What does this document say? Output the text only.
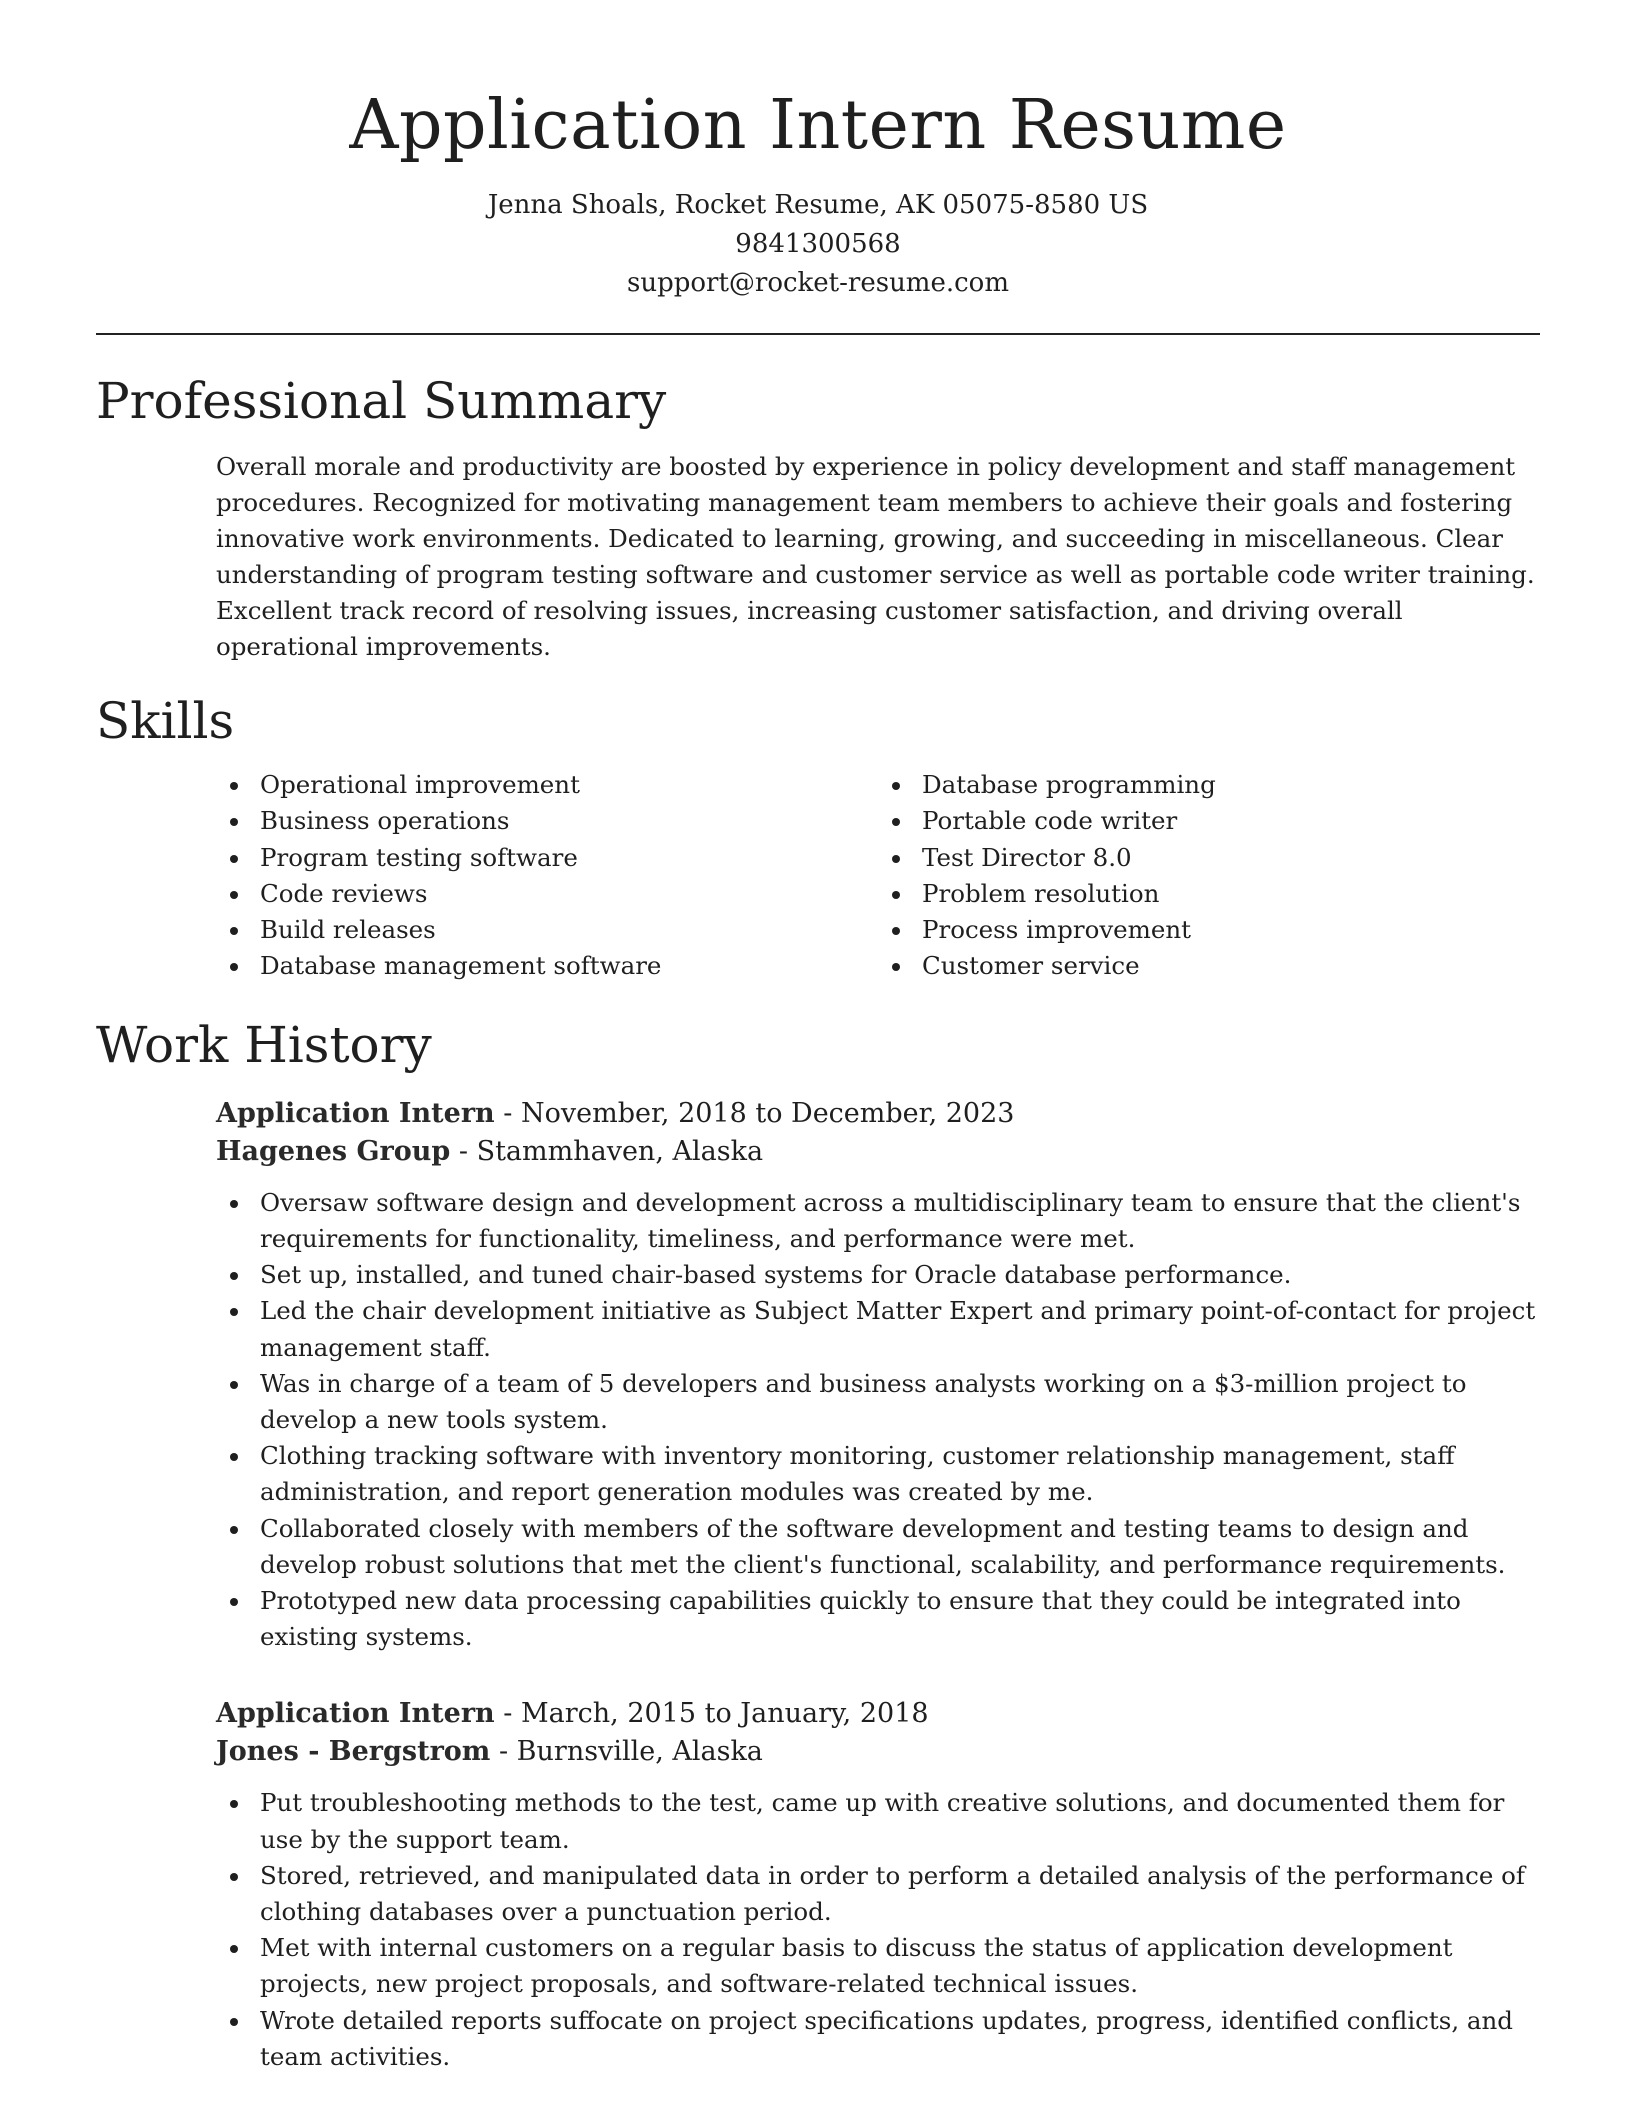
Application Intern Resume

Jenna Shoals, Rocket Resume, AK 05075-8580 US

9841300568

support@rocket-resume.com

Professional Summary

Overall morale and productivity are boosted by experience in policy development and staff management procedures. Recognized for motivating management team members to achieve their goals and fostering innovative work environments. Dedicated to learning, growing, and succeeding in miscellaneous. Clear understanding of program testing software and customer service as well as portable code writer training. Excellent track record of resolving issues, increasing customer satisfaction, and driving overall operational improvements.

Skills
Operational improvement
Business operations
Program testing software
Code reviews
Build releases
Database management software
Database programming
Portable code writer
Test Director 8.0
Problem resolution
Process improvement
Customer service
Work History

Application Intern - November, 2018 to December, 2023

Hagenes Group - Stammhaven, Alaska

Oversaw software design and development across a multidisciplinary team to ensure that the client's requirements for functionality, timeliness, and performance were met.
Set up, installed, and tuned chair-based systems for Oracle database performance.
Led the chair development initiative as Subject Matter Expert and primary point-of-contact for project management staff.
Was in charge of a team of 5 developers and business analysts working on a $3-million project to develop a new tools system.
Clothing tracking software with inventory monitoring, customer relationship management, staff administration, and report generation modules was created by me.
Collaborated closely with members of the software development and testing teams to design and develop robust solutions that met the client's functional, scalability, and performance requirements.
Prototyped new data processing capabilities quickly to ensure that they could be integrated into existing systems.

Application Intern - March, 2015 to January, 2018

Jones - Bergstrom - Burnsville, Alaska

Put troubleshooting methods to the test, came up with creative solutions, and documented them for use by the support team.
Stored, retrieved, and manipulated data in order to perform a detailed analysis of the performance of clothing databases over a punctuation period.
Met with internal customers on a regular basis to discuss the status of application development projects, new project proposals, and software-related technical issues.
Wrote detailed reports suffocate on project specifications updates, progress, identified conflicts, and team activities.
